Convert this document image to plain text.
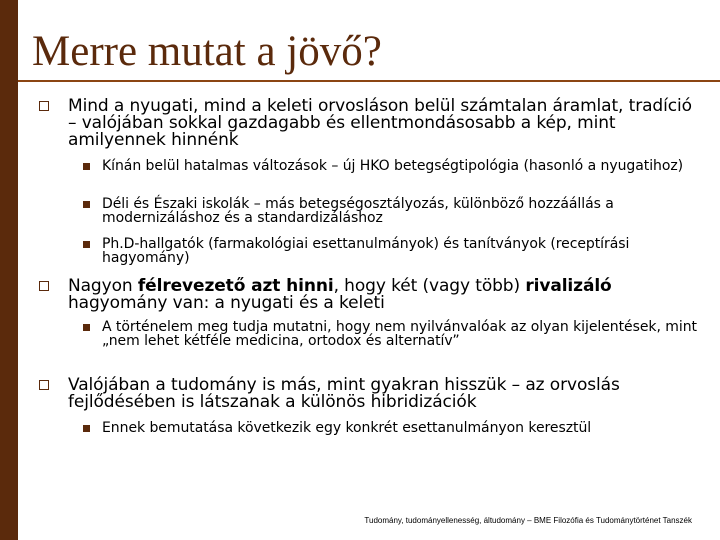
Merre mutat a jövő?
Mind a nyugati, mind a keleti orvosláson belül számtalan áramlat, tradíció – valójában sokkal gazdagabb és ellentmondásosabb a kép, mint amilyennek hinnénk
Kínán belül hatalmas változások – új HKO betegségtipológia (hasonló a nyugatihoz)
Déli és Északi iskolák – más betegségosztályozás, különböző hozzáállás a modernizáláshoz és a standardizáláshoz
Ph.D-hallgatók (farmakológiai esettanulmányok) és tanítványok (receptírási hagyomány)
Nagyon félrevezető azt hinni, hogy két (vagy több) rivalizáló hagyomány van: a nyugati és a keleti
A történelem meg tudja mutatni, hogy nem nyilvánvalóak az olyan kijelentések, mint „nem lehet kétféle medicina, ortodox és alternatív”
Valójában a tudomány is más, mint gyakran hisszük – az orvoslás fejlődésében is látszanak a különös hibridizációk
Ennek bemutatása következik egy konkrét esettanulmányon keresztül
Tudomány, tudományellenesség, áltudomány – BME Filozófia és Tudománytörténet Tanszék
